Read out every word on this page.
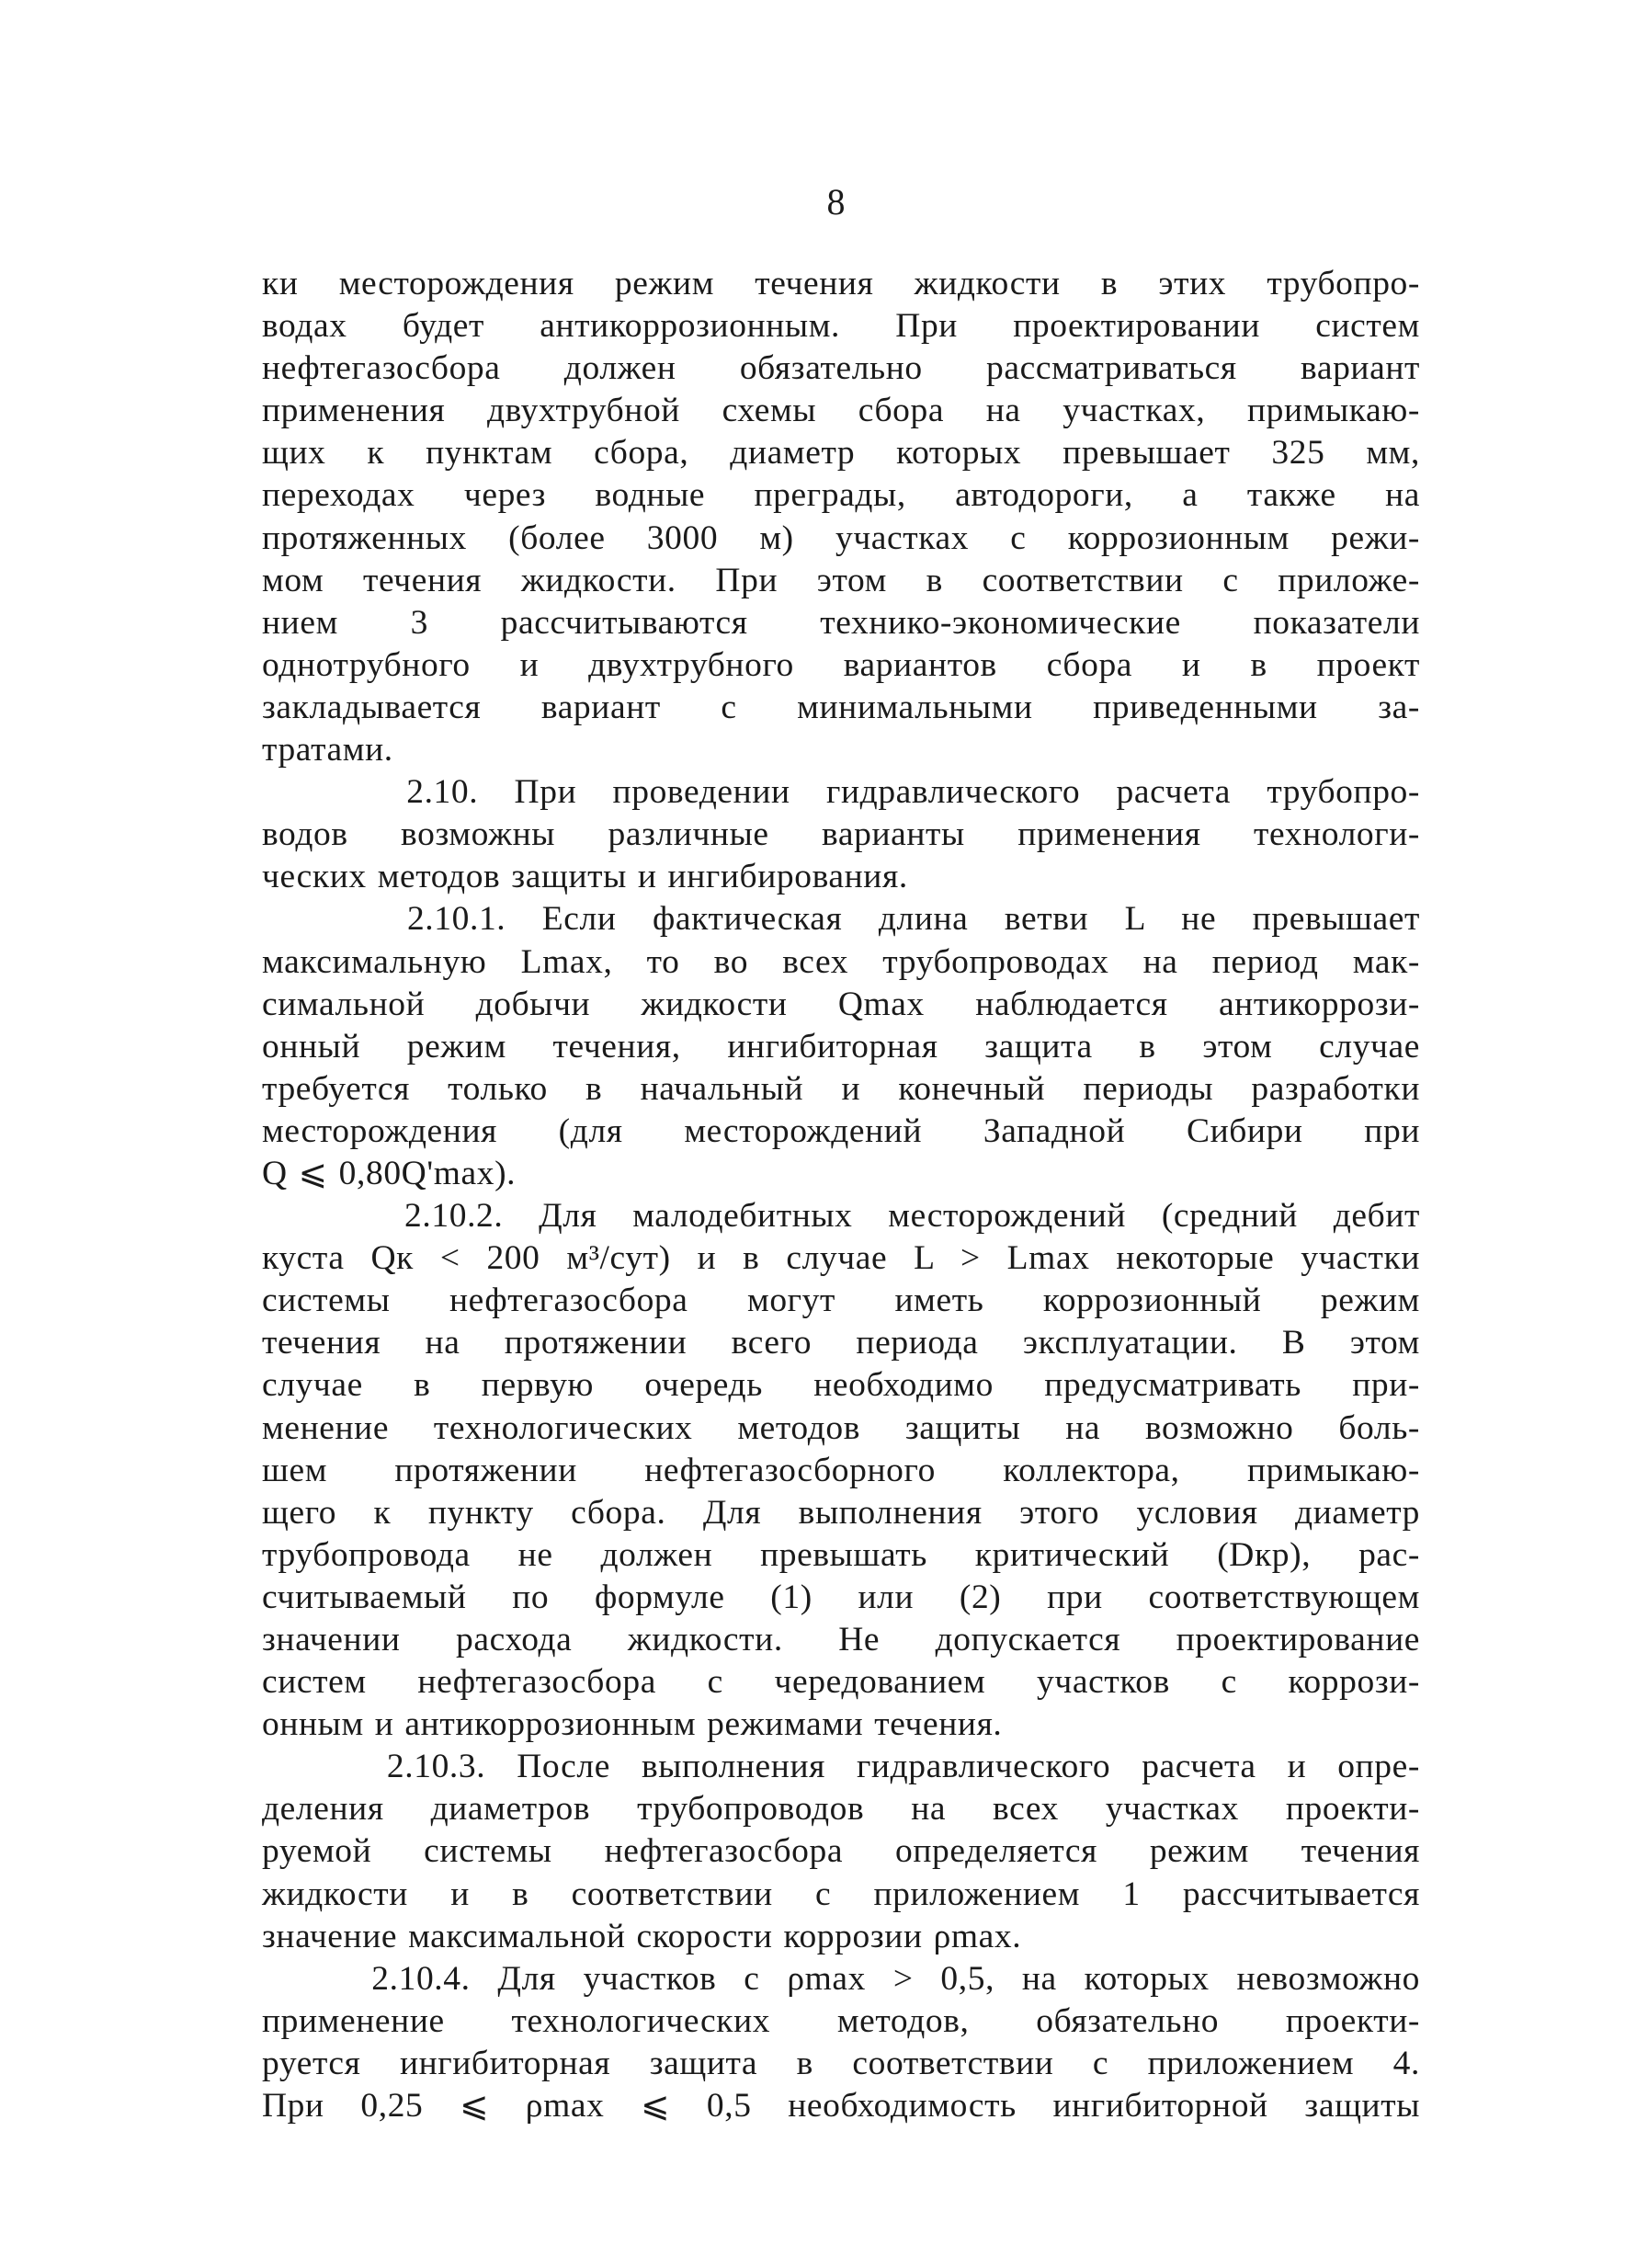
8
ки месторождения режим течения жидкости в этих трубопро-
водах будет антикоррозионным. При проектировании систем
нефтегазосбора должен обязательно рассматриваться вариант
применения двухтрубной схемы сбора на участках, примыкаю-
щих к пунктам сбора, диаметр которых превышает 325 мм,
переходах через водные преграды, автодороги, а также на
протяженных (более 3000 м) участках с коррозионным режи-
мом течения жидкости. При этом в соответствии с приложе-
нием 3 рассчитываются технико-экономические показатели
однотрубного и двухтрубного вариантов сбора и в проект
закладывается вариант с минимальными приведенными за-
тратами.
2.10. При проведении гидравлического расчета трубопро-
водов возможны различные варианты применения технологи-
ческих методов защиты и ингибирования.
2.10.1. Если фактическая длина ветви L не превышает
максимальную Lmax, то во всех трубопроводах на период мак-
симальной добычи жидкости Qmax наблюдается антикоррози-
онный режим течения, ингибиторная защита в этом случае
требуется только в начальный и конечный периоды разработки
месторождения (для месторождений Западной Сибири при
Q ⩽ 0,80Q'max).
2.10.2. Для малодебитных месторождений (средний дебит
куста Qк < 200 м³/сут) и в случае L > Lmax некоторые участки
системы нефтегазосбора могут иметь коррозионный режим
течения на протяжении всего периода эксплуатации. В этом
случае в первую очередь необходимо предусматривать при-
менение технологических методов защиты на возможно боль-
шем протяжении нефтегазосборного коллектора, примыкаю-
щего к пункту сбора. Для выполнения этого условия диаметр
трубопровода не должен превышать критический (Dкр), рас-
считываемый по формуле (1) или (2) при соответствующем
значении расхода жидкости. Не допускается проектирование
систем нефтегазосбора с чередованием участков с коррози-
онным и антикоррозионным режимами течения.
2.10.3. После выполнения гидравлического расчета и опре-
деления диаметров трубопроводов на всех участках проекти-
руемой системы нефтегазосбора определяется режим течения
жидкости и в соответствии с приложением 1 рассчитывается
значение максимальной скорости коррозии ρmax.
2.10.4. Для участков с ρmax > 0,5, на которых невозможно
применение технологических методов, обязательно проекти-
руется ингибиторная защита в соответствии с приложением 4.
При 0,25 ⩽ ρmax ⩽ 0,5 необходимость ингибиторной защиты
